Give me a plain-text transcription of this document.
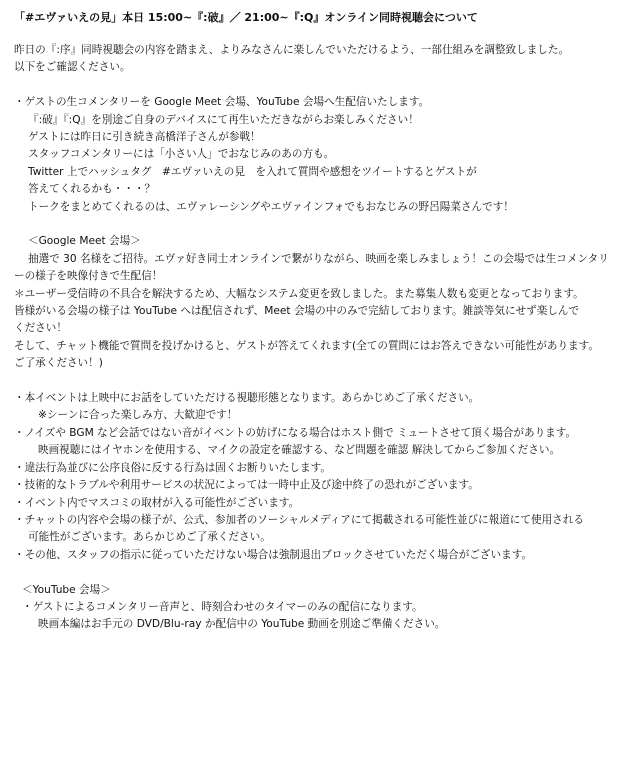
「#エヴァいえの見」本日 15:00~『:破』／ 21:00~『:Q』オンライン同時視聴会について
昨日の『:序』同時視聴会の内容を踏まえ、よりみなさんに楽しんでいただけるよう、一部仕組みを調整致しました。
以下をご確認ください。
・ゲストの生コメンタリーを Google Meet 会場、YouTube 会場へ生配信いたします。
『:破』『:Q』を別途ご自身のデバイスにて再生いただきながらお楽しみください！
ゲストには昨日に引き続き高橋洋子さんが参戦！
スタッフコメンタリーには「小さい人」でおなじみのあの方も。
Twitter 上でハッシュタグ　#エヴァいえの見　を入れて質問や感想をツイートするとゲストが
答えてくれるかも・・・？
トークをまとめてくれるのは、エヴァレーシングやエヴァインフォでもおなじみの野呂陽菜さんです！
＜Google Meet 会場＞
抽選で 30 名様をご招待。エヴァ好き同士オンラインで繋がりながら、映画を楽しみましょう！この会場では生コメンタリ
ーの様子を映像付きで生配信！
＊ユーザー受信時の不具合を解決するため、大幅なシステム変更を致しました。また募集人数も変更となっております。
皆様がいる会場の様子は YouTube へは配信されず、Meet 会場の中のみで完結しております。雑談等気にせず楽しんで
ください！
そして、チャット機能で質問を投げかけると、ゲストが答えてくれます(全ての質問にはお答えできない可能性があります。
ご了承ください！)
・本イベントは上映中にお話をしていただける視聴形態となります。あらかじめご了承ください。
※シーンに合った楽しみ方、大歓迎です！
・ノイズや BGM など会話ではない音がイベントの妨げになる場合はホスト側で ミュートさせて頂く場合があります。
映画視聴にはイヤホンを使用する、マイクの設定を確認する、など問題を確認 解決してからご参加ください。
・違法行為並びに公序良俗に反する行為は固くお断りいたします。
・技術的なトラブルや利用サービスの状況によっては一時中止及び途中終了の恐れがございます。
・イベント内でマスコミの取材が入る可能性がございます。
・チャットの内容や会場の様子が、公式、参加者のソーシャルメディアにて掲載される可能性並びに報道にて使用される
可能性がございます。あらかじめご了承ください。
・その他、スタッフの指示に従っていただけない場合は強制退出ブロックさせていただく場合がございます。
＜YouTube 会場＞
・ゲストによるコメンタリー音声と、時刻合わせのタイマーのみの配信になります。
映画本編はお手元の DVD/Blu-ray か配信中の YouTube 動画を別途ご準備ください。
